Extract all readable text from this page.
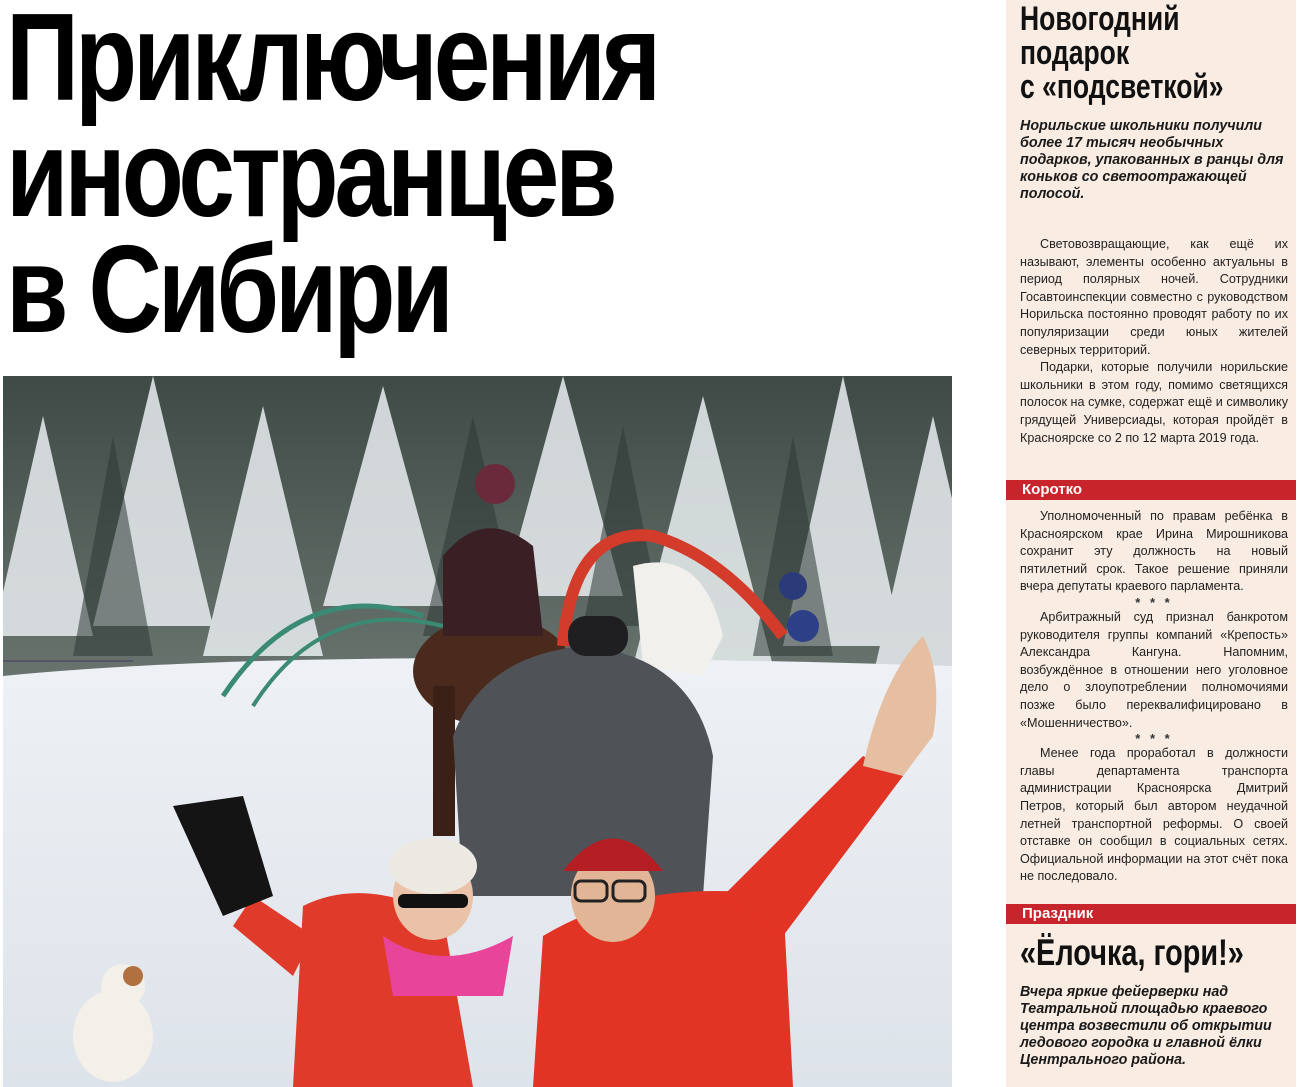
Приключения
иностранцев
в Сибири
Новогодний
подарок
с «подсветкой»

Норильские школьники получили более 17 тысяч необычных подарков, упакованных в ранцы для коньков со светоотражающей полосой.

Световозвращающие, как ещё их называют, элементы особенно актуальны в период полярных ночей. Сотрудники Госавтоинспекции совместно с руководством Норильска постоянно проводят работу по их популяризации среди юных жителей северных территорий.

Подарки, которые получили норильские школьники в этом году, помимо светящихся полосок на сумке, содержат ещё и символику грядущей Универсиады, которая пройдёт в Красноярске со 2 по 12 марта 2019 года.

Коротко

Уполномоченный по правам ребёнка в Красноярском крае Ирина Мирошникова сохранит эту должность на новый пятилетний срок. Такое решение приняли вчера депутаты краевого парламента.

* * *

Арбитражный суд признал банкротом руководителя группы компаний «Крепость» Александра Кангуна. Напомним, возбуждённое в отношении него уголовное дело о злоупотреблении полномочиями позже было переквалифицировано в «Мошенничество».

* * *

Менее года проработал в должности главы департамента транспорта администрации Красноярска Дмитрий Петров, который был автором неудачной летней транспортной реформы. О своей отставке он сообщил в социальных сетях. Официальной информации на этот счёт пока не последовало.

Праздник
«Ёлочка, гори!»

Вчера яркие фейерверки над Театральной площадью краевого центра возвестили об открытии ледового городка и главной ёлки Центрального района.
